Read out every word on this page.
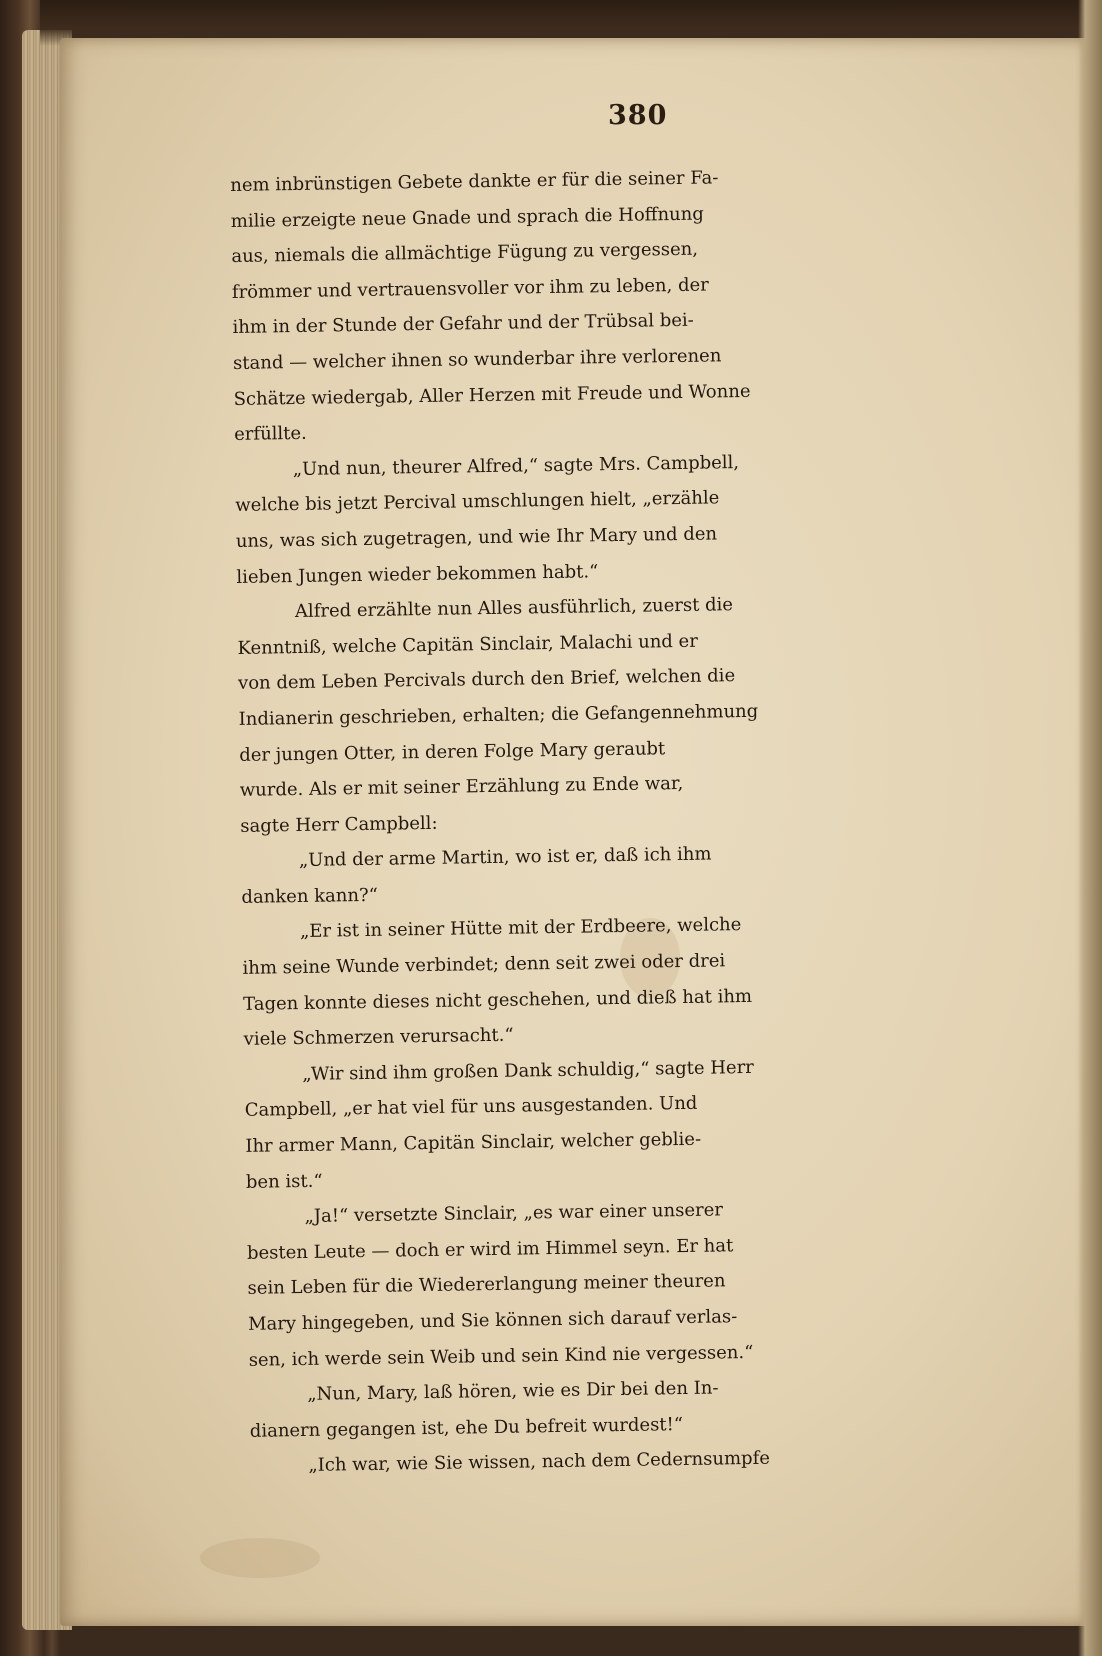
380
nem inbrünstigen Gebete dankte er für die seiner Fa-
milie erzeigte neue Gnade und sprach die Hoffnung
aus, niemals die allmächtige Fügung zu vergessen,
frömmer und vertrauensvoller vor ihm zu leben, der
ihm in der Stunde der Gefahr und der Trübsal bei-
stand — welcher ihnen so wunderbar ihre verlorenen
Schätze wiedergab, Aller Herzen mit Freude und Wonne
erfüllte.
„Und nun, theurer Alfred,“ sagte Mrs. Campbell,
welche bis jetzt Percival umschlungen hielt, „erzähle
uns, was sich zugetragen, und wie Ihr Mary und den
lieben Jungen wieder bekommen habt.“
Alfred erzählte nun Alles ausführlich, zuerst die
Kenntniß, welche Capitän Sinclair, Malachi und er
von dem Leben Percivals durch den Brief, welchen die
Indianerin geschrieben, erhalten; die Gefangennehmung
der jungen Otter, in deren Folge Mary geraubt
wurde. Als er mit seiner Erzählung zu Ende war,
sagte Herr Campbell:
„Und der arme Martin, wo ist er, daß ich ihm
danken kann?“
„Er ist in seiner Hütte mit der Erdbeere, welche
ihm seine Wunde verbindet; denn seit zwei oder drei
Tagen konnte dieses nicht geschehen, und dieß hat ihm
viele Schmerzen verursacht.“
„Wir sind ihm großen Dank schuldig,“ sagte Herr
Campbell, „er hat viel für uns ausgestanden. Und
Ihr armer Mann, Capitän Sinclair, welcher geblie-
ben ist.“
„Ja!“ versetzte Sinclair, „es war einer unserer
besten Leute — doch er wird im Himmel seyn. Er hat
sein Leben für die Wiedererlangung meiner theuren
Mary hingegeben, und Sie können sich darauf verlas-
sen, ich werde sein Weib und sein Kind nie vergessen.“
„Nun, Mary, laß hören, wie es Dir bei den In-
dianern gegangen ist, ehe Du befreit wurdest!“
„Ich war, wie Sie wissen, nach dem Cedernsumpfe
